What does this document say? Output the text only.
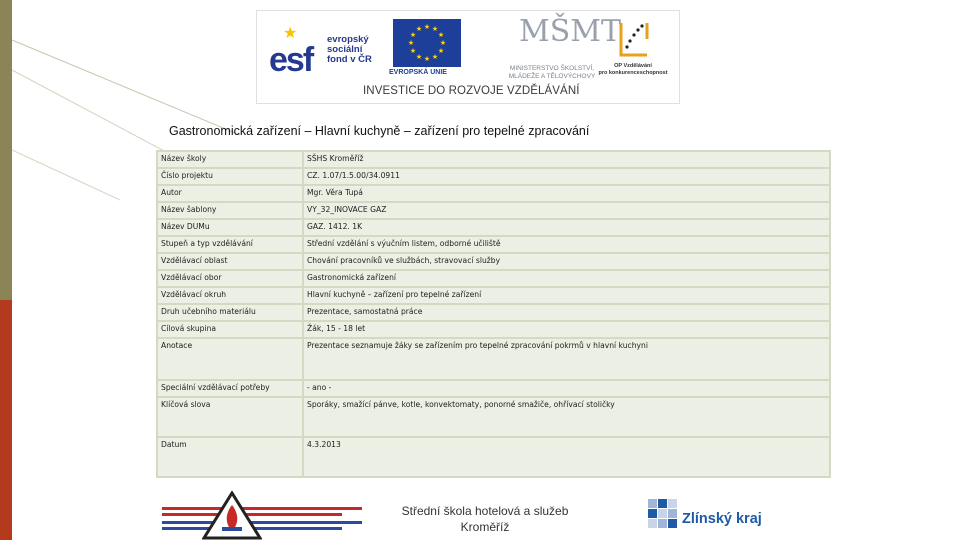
★
esf
evropský
sociální
fond v ČR
★ ★
★
★
★
★
★
★
★
★
★
★
EVROPSKÁ UNIE
MŠMT
MINISTERSTVO ŠKOLSTVÍ,
MLÁDEŽE A TĚLOVÝCHOVY
OP Vzdělávání
pro konkurenceschopnost
INVESTICE DO ROZVOJE VZDĚLÁVÁNÍ
Gastronomická zařízení – Hlavní kuchyně – zařízení pro tepelné zpracování
Název školy	SŠHS Kroměříž
Číslo projektu	CZ. 1.07/1.5.00/34.0911
Autor	Mgr. Věra Tupá
Název šablony	VY_32_INOVACE GAZ
Název DUMu	GAZ. 1412. 1K
Stupeň a typ vzdělávání	Střední vzdělání s výučním listem, odborné učiliště
Vzdělávací oblast	Chování pracovníků ve službách, stravovací služby
Vzdělávací obor	Gastronomická zařízení
Vzdělávací okruh	Hlavní kuchyně – zařízení pro tepelné zařízení
Druh učebního materiálu	Prezentace, samostatná práce
Cílová skupina	Žák, 15 - 18 let
Anotace	Prezentace seznamuje žáky se zařízením pro tepelné zpracování pokrmů v hlavní kuchyni
Speciální vzdělávací potřeby	- ano -
Klíčová slova	Sporáky, smažící pánve, kotle, konvektomaty, ponorné smažiče, ohřívací stoličky
Datum	4.3.2013
Střední škola hotelová a služeb
Kroměříž	Zlínský kraj
